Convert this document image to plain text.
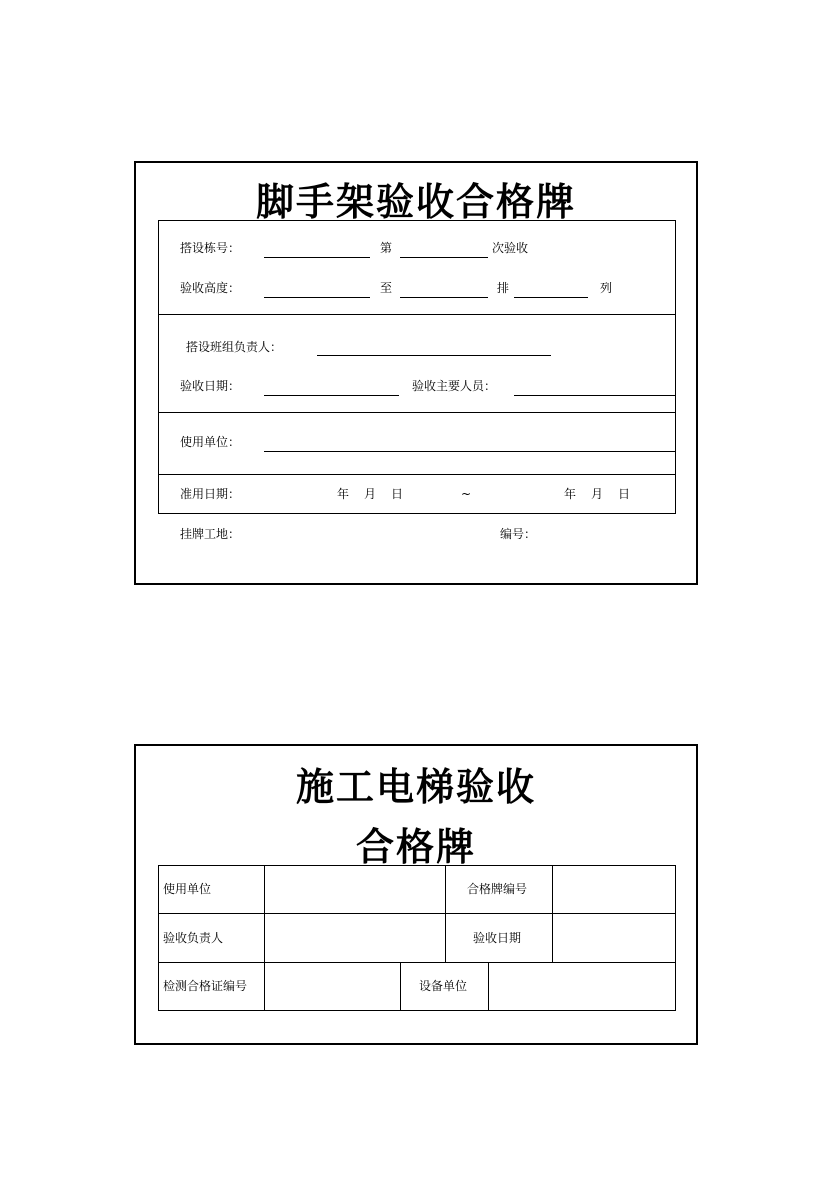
脚手架验收合格牌
搭设栋号：	第	次验收
验收高度：	至	排	列
搭设班组负责人：
验收日期：	验收主要人员：
使用单位：
准用日期：	年 月 日	~	年 月 日
挂牌工地：	编号：
施工电梯验收
合格牌
使用单位	合格牌编号
验收负责人	验收日期
检测合格证编号	设备单位
